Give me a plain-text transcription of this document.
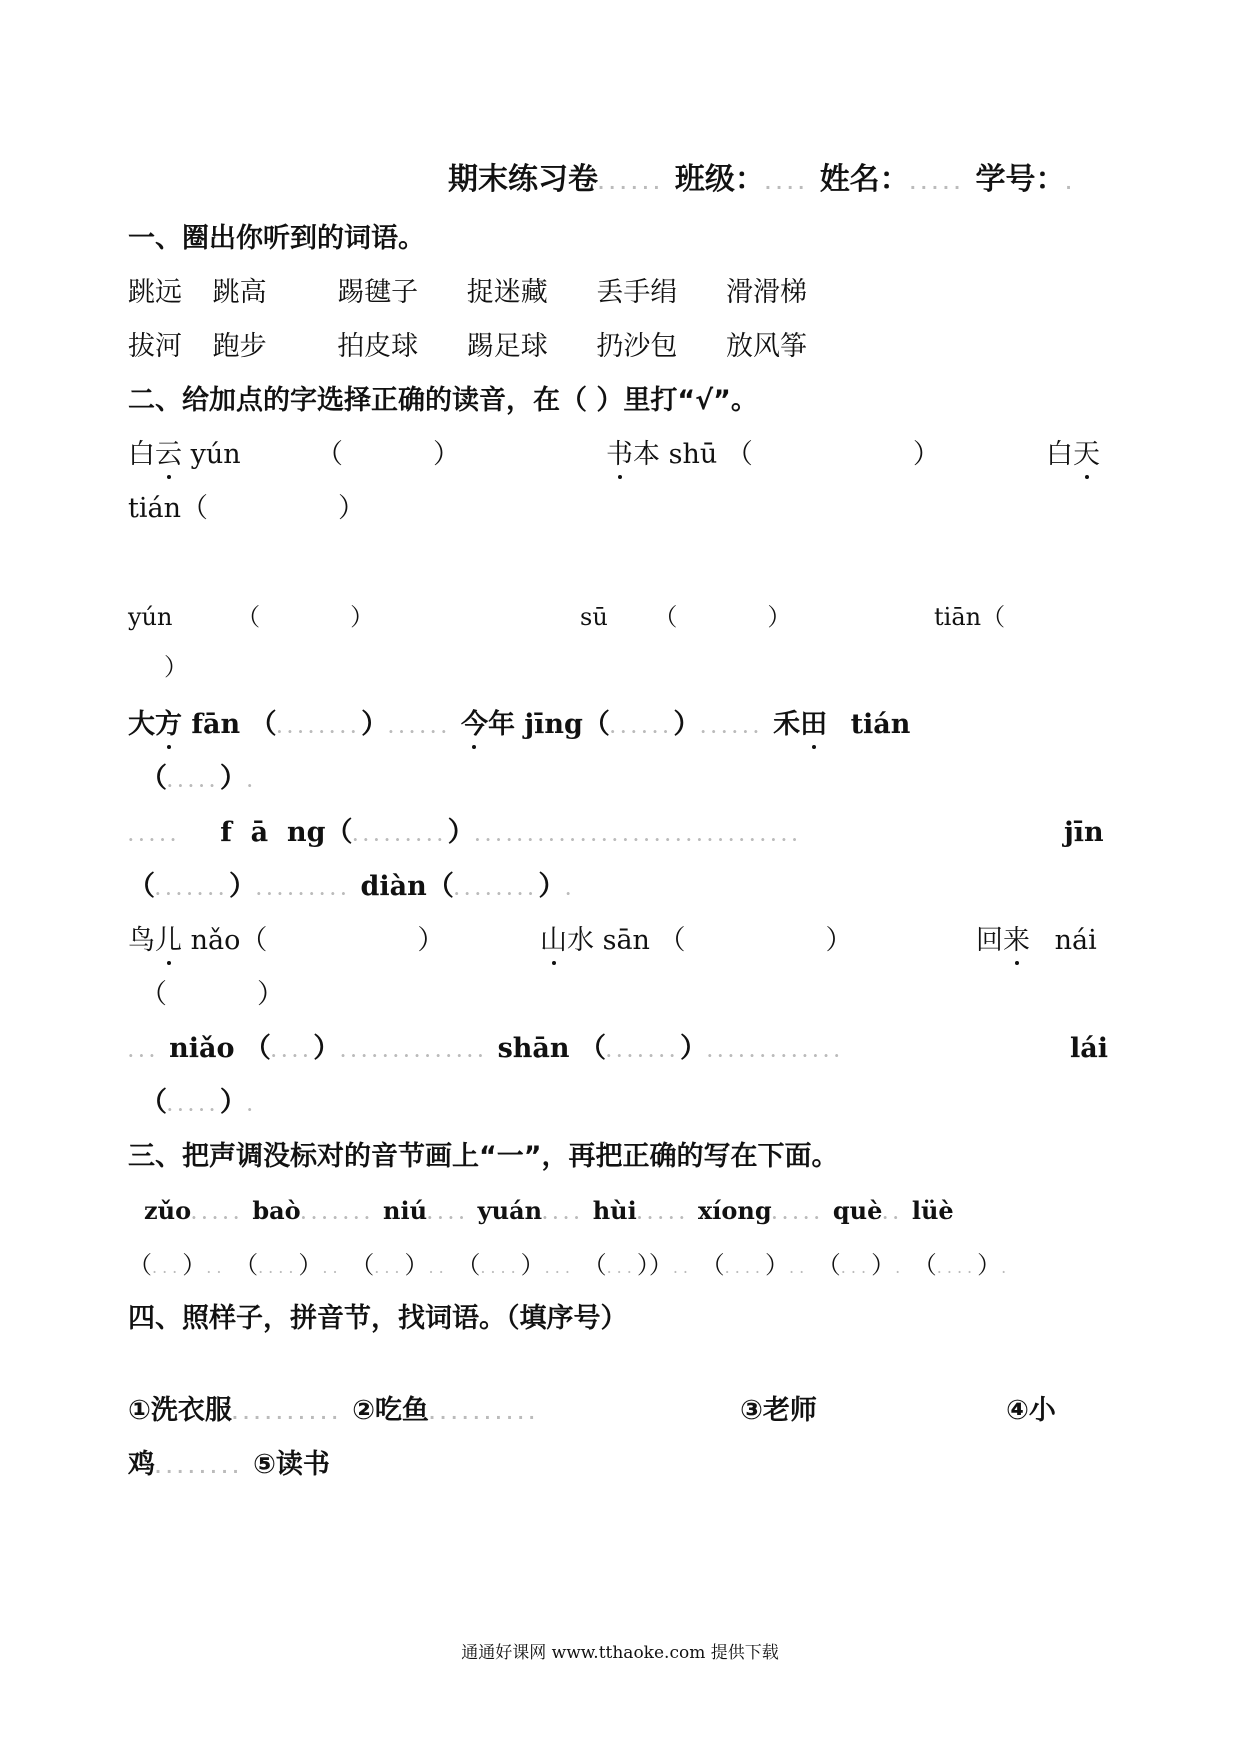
期末练习卷...... 班级：.... 姓名：..... 学号：.
一、圈出你听到的词语。
跳远 跳高	踢毽子 捉迷藏 丢手绢 滑滑梯
拔河 跑步	拍皮球 踢足球 扔沙包 放风筝
二、给加点的字选择正确的读音，在（ ）里打“√”。
白云 yún	（	）	书本 shū （	）	白天
tián（	）
yún	（	）	sū （	）	tiān（
）
大方 fān （........）...... 今年 jīng（......）...... 禾田 tián
（.....）.
..... f  ā  ng（.........）...............................	jīn
（.......）......... diàn（........）.
鸟儿 nǎo（	）	山水 sān （	）	回来 nái
（	）
... niǎo （....）.............. shān （.......）.............	lái
（.....）.
三、把声调没标对的音节画上“一”，再把正确的写在下面。
zǔo..... baò....... niú.... yuán.... hùi..... xíong..... què.. lüè
（...）.. （....）.. （...）.. （....）... （...））.. （....）.. （...）. （....）.
四、照样子，拼音节，找词语。（填序号）
①洗衣服.......... ②吃鱼..........	③老师	④小
鸡........ ⑤读书
通通好课网 www.tthaoke.com 提供下载
